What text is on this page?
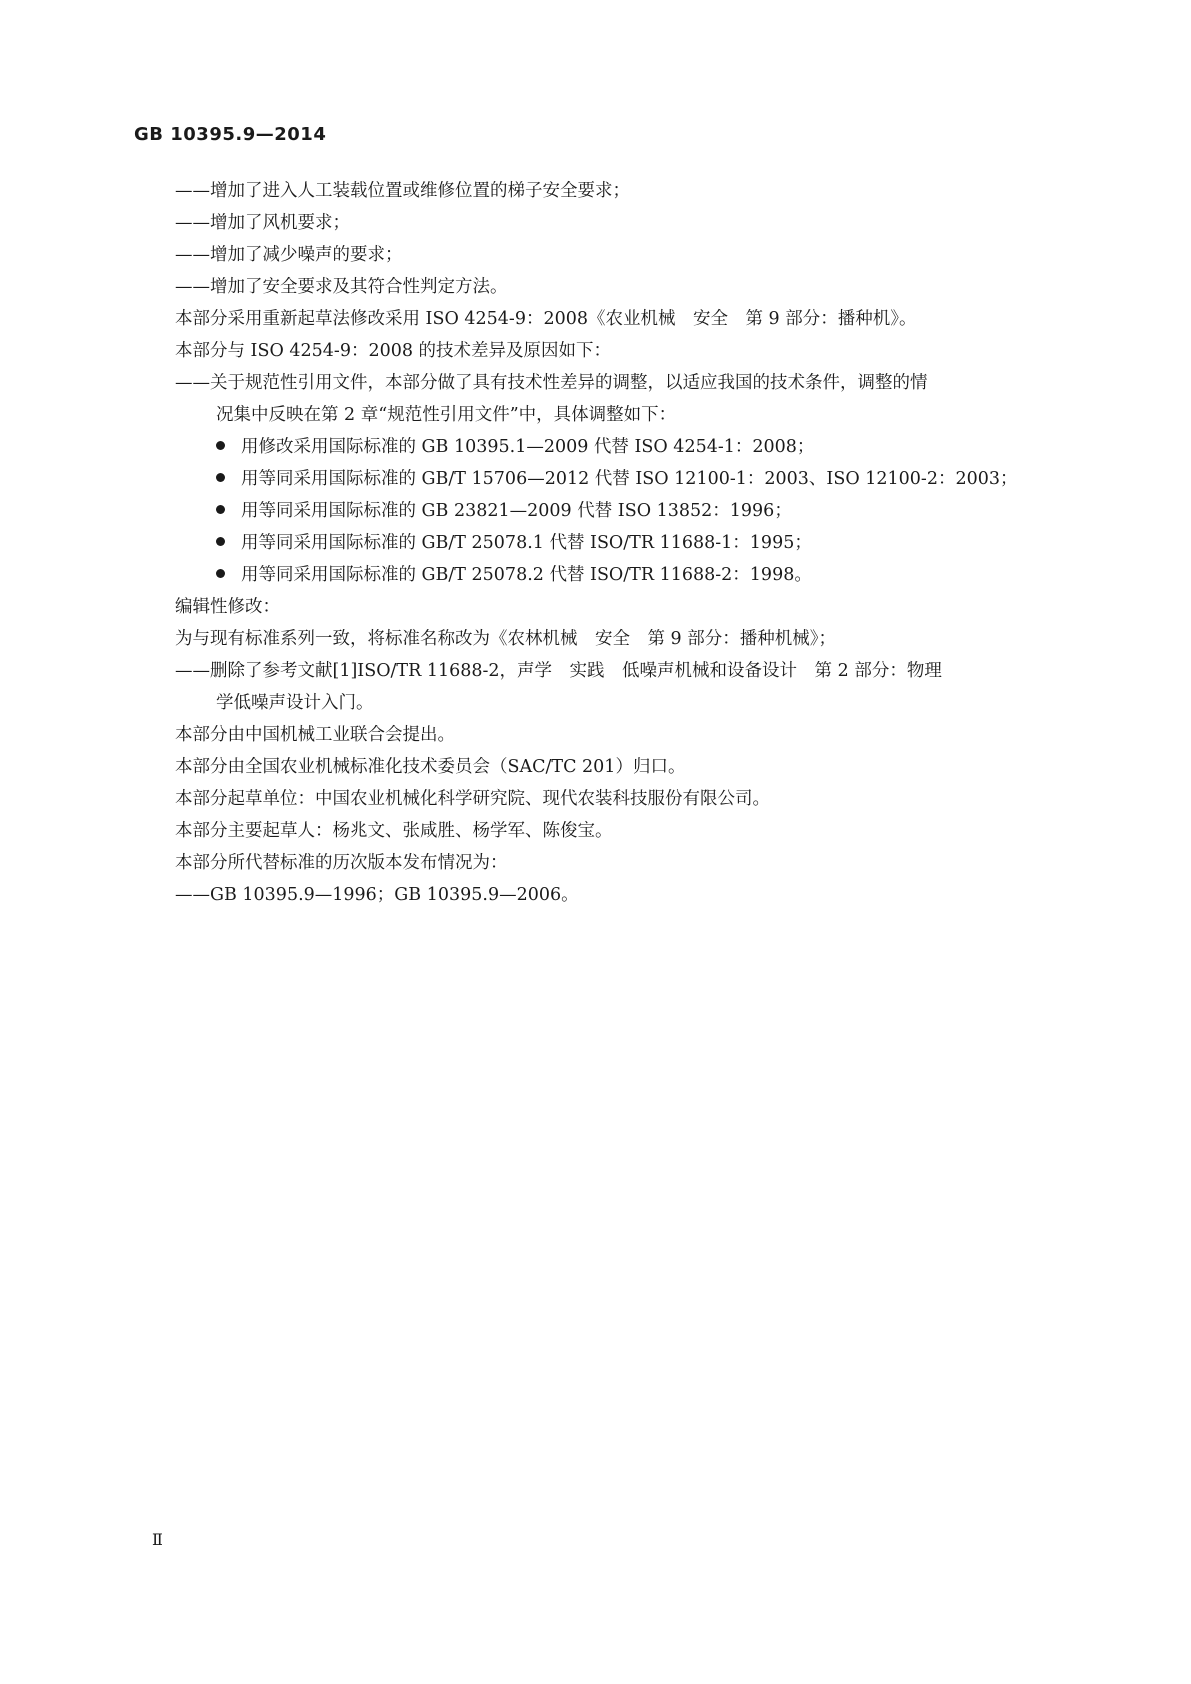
GB 10395.9—2014
——增加了进入人工装载位置或维修位置的梯子安全要求；
——增加了风机要求；
——增加了减少噪声的要求；
——增加了安全要求及其符合性判定方法。
本部分采用重新起草法修改采用 ISO 4254-9：2008《农业机械　安全　第 9 部分：播种机》。
本部分与 ISO 4254-9：2008 的技术差异及原因如下：
——关于规范性引用文件，本部分做了具有技术性差异的调整，以适应我国的技术条件，调整的情
况集中反映在第 2 章“规范性引用文件”中，具体调整如下：
用修改采用国际标准的 GB 10395.1—2009 代替 ISO 4254-1：2008；
用等同采用国际标准的 GB/T 15706—2012 代替 ISO 12100-1：2003、ISO 12100-2：2003；
用等同采用国际标准的 GB 23821—2009 代替 ISO 13852：1996；
用等同采用国际标准的 GB/T 25078.1 代替 ISO/TR 11688-1：1995；
用等同采用国际标准的 GB/T 25078.2 代替 ISO/TR 11688-2：1998。
编辑性修改：
为与现有标准系列一致，将标准名称改为《农林机械　安全　第 9 部分：播种机械》；
——删除了参考文献[1]ISO/TR 11688-2，声学　实践　低噪声机械和设备设计　第 2 部分：物理
学低噪声设计入门。
本部分由中国机械工业联合会提出。
本部分由全国农业机械标准化技术委员会（SAC/TC 201）归口。
本部分起草单位：中国农业机械化科学研究院、现代农装科技服份有限公司。
本部分主要起草人：杨兆文、张咸胜、杨学军、陈俊宝。
本部分所代替标准的历次版本发布情况为：
——GB 10395.9—1996；GB 10395.9—2006。
Ⅱ
